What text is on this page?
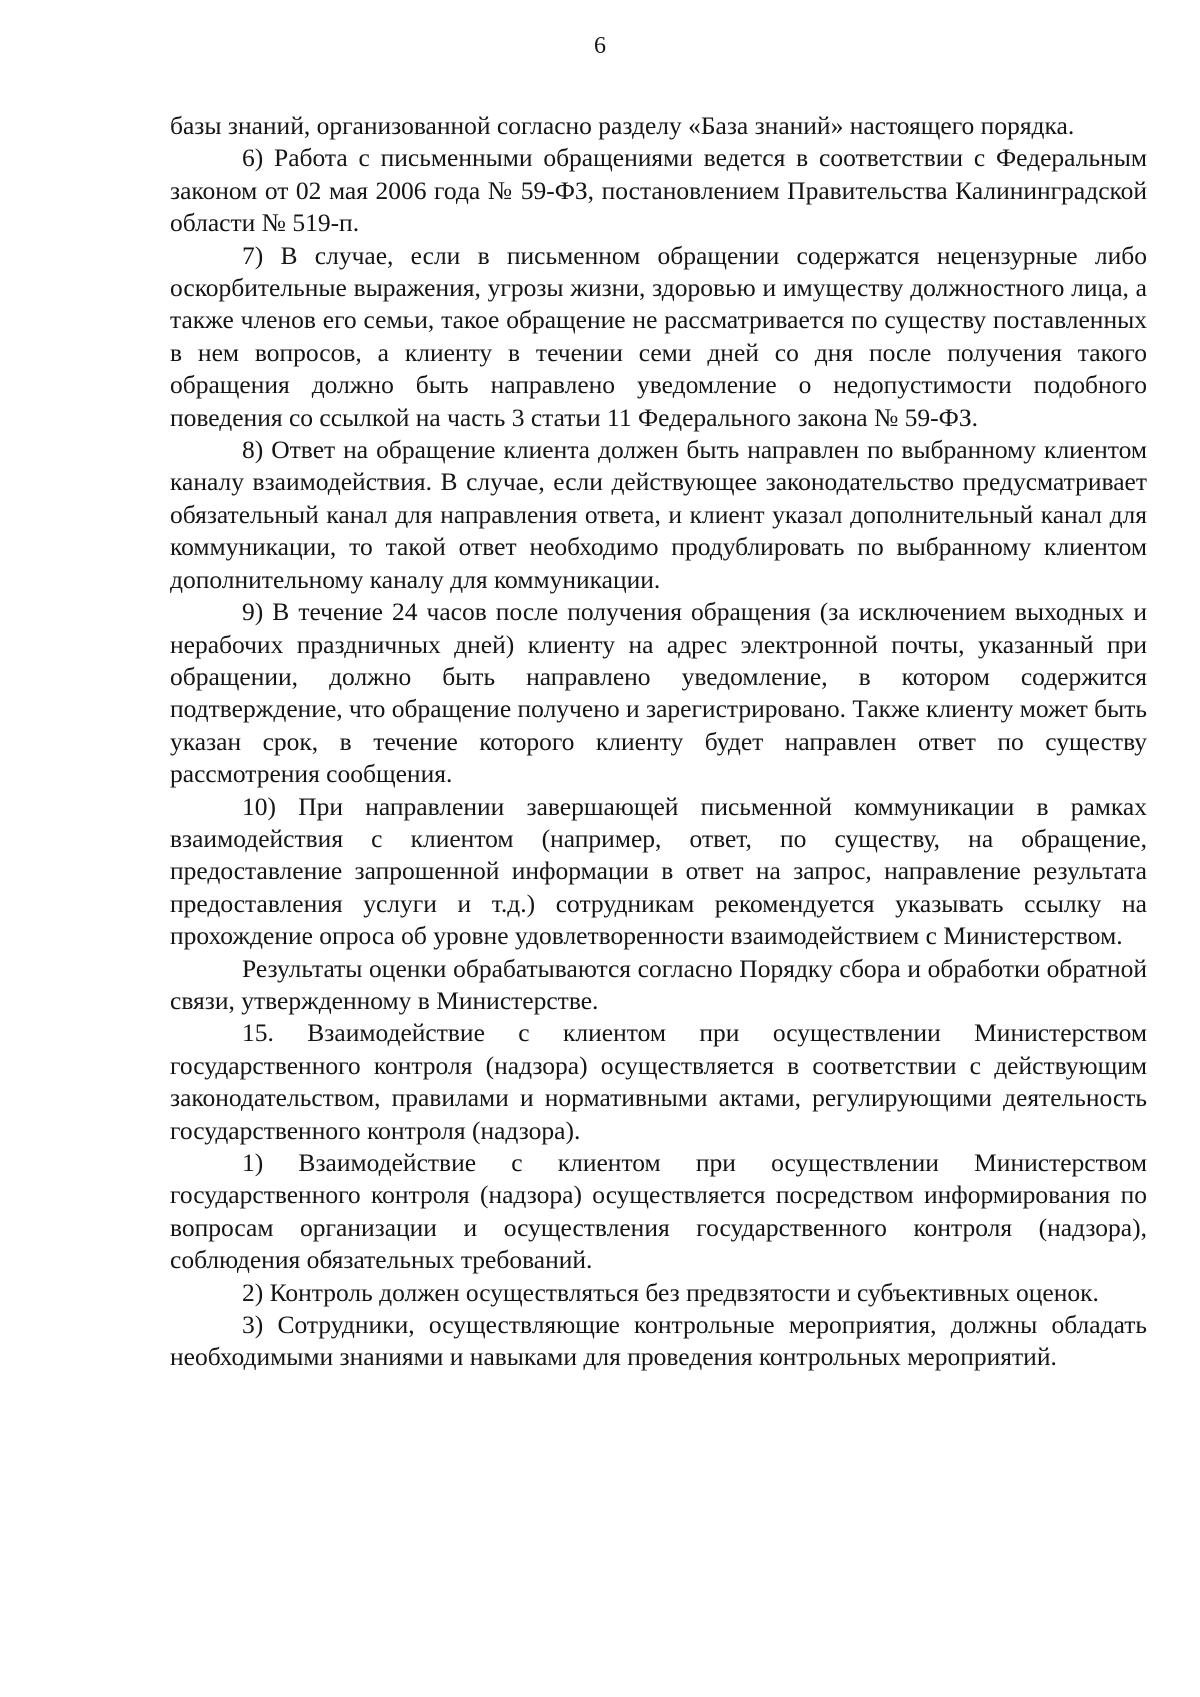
6

базы знаний, организованной согласно разделу «База знаний» настоящего порядка.

6) Работа с письменными обращениями ведется в соответствии с Федеральным законом от 02 мая 2006 года № 59-ФЗ, постановлением Правительства Калининградской области № 519-п.

7) В случае, если в письменном обращении содержатся нецензурные либо оскорбительные выражения, угрозы жизни, здоровью и имуществу должностного лица, а также членов его семьи, такое обращение не рассматривается по существу поставленных в нем вопросов, а клиенту в течении семи дней со дня после получения такого обращения должно быть направлено уведомление о недопустимости подобного поведения со ссылкой на часть 3 статьи 11 Федерального закона № 59-ФЗ.

8) Ответ на обращение клиента должен быть направлен по выбранному клиентом каналу взаимодействия. В случае, если действующее законодательство предусматривает обязательный канал для направления ответа, и клиент указал дополнительный канал для коммуникации, то такой ответ необходимо продублировать по выбранному клиентом дополнительному каналу для коммуникации.

9) В течение 24 часов после получения обращения (за исключением выходных и нерабочих праздничных дней) клиенту на адрес электронной почты, указанный при обращении, должно быть направлено уведомление, в котором содержится подтверждение, что обращение получено и зарегистрировано. Также клиенту может быть указан срок, в течение которого клиенту будет направлен ответ по существу рассмотрения сообщения.

10) При направлении завершающей письменной коммуникации в рамках взаимодействия с клиентом (например, ответ, по существу, на обращение, предоставление запрошенной информации в ответ на запрос, направление результата предоставления услуги и т.д.) сотрудникам рекомендуется указывать ссылку на прохождение опроса об уровне удовлетворенности взаимодействием с Министерством.

Результаты оценки обрабатываются согласно Порядку сбора и обработки обратной связи, утвержденному в Министерстве.

15. Взаимодействие с клиентом при осуществлении Министерством государственного контроля (надзора) осуществляется в соответствии с действующим законодательством, правилами и нормативными актами, регулирующими деятельность государственного контроля (надзора).

1) Взаимодействие с клиентом при осуществлении Министерством государственного контроля (надзора) осуществляется посредством информирования по вопросам организации и осуществления государственного контроля (надзора), соблюдения обязательных требований.

2) Контроль должен осуществляться без предвзятости и субъективных оценок.

3) Сотрудники, осуществляющие контрольные мероприятия, должны обладать необходимыми знаниями и навыками для проведения контрольных мероприятий.
